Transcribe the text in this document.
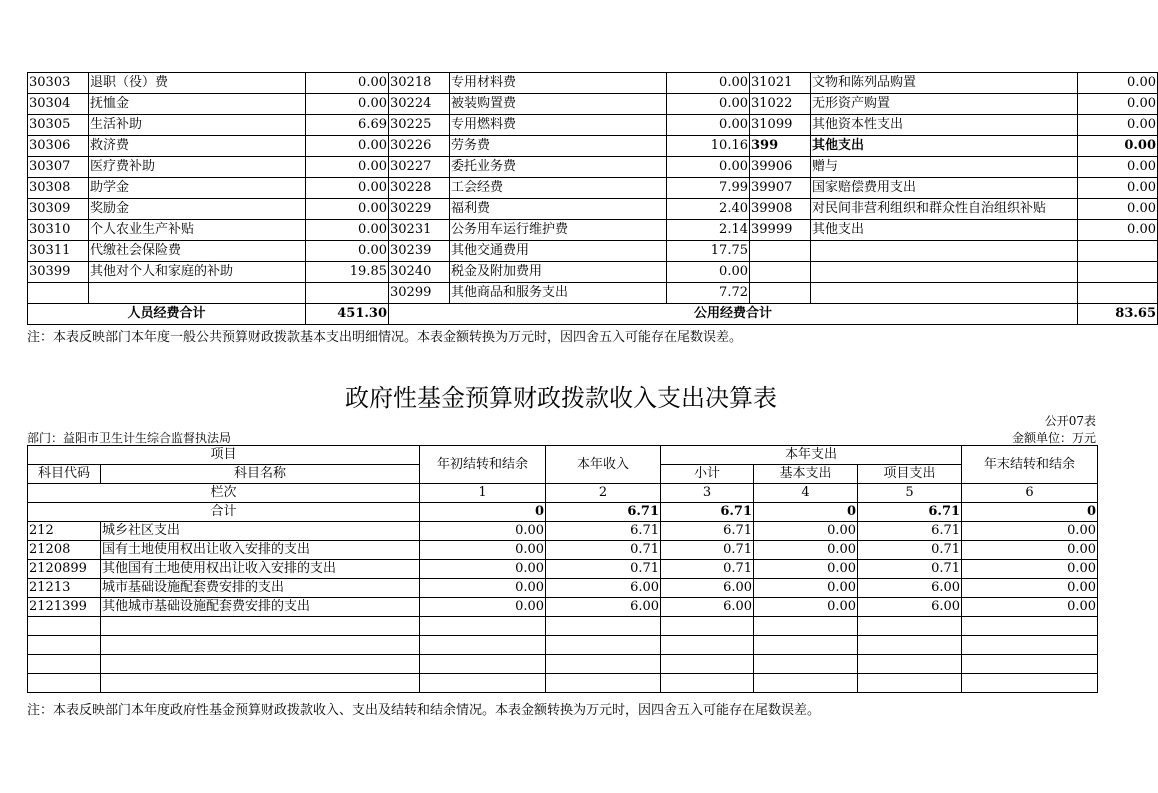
30303	退职（役）费	0.00	30218	专用材料费	0.00	31021	文物和陈列品购置	0.00
30304	抚恤金	0.00	30224	被装购置费	0.00	31022	无形资产购置	0.00
30305	生活补助	6.69	30225	专用燃料费	0.00	31099	其他资本性支出	0.00
30306	救济费	0.00	30226	劳务费	10.16	399	其他支出	0.00
30307	医疗费补助	0.00	30227	委托业务费	0.00	39906	赠与	0.00
30308	助学金	0.00	30228	工会经费	7.99	39907	国家赔偿费用支出	0.00
30309	奖励金	0.00	30229	福利费	2.40	39908	对民间非营利组织和群众性自治组织补贴	0.00
30310	个人农业生产补贴	0.00	30231	公务用车运行维护费	2.14	39999	其他支出	0.00
30311	代缴社会保险费	0.00	30239	其他交通费用	17.75			
30399	其他对个人和家庭的补助	19.85	30240	税金及附加费用	0.00			
			30299	其他商品和服务支出	7.72			
人员经费合计		451.30	公用经费合计					83.65
注：本表反映部门本年度一般公共预算财政拨款基本支出明细情况。本表金额转换为万元时，因四舍五入可能存在尾数误差。
政府性基金预算财政拨款收入支出决算表
公开07表
部门：益阳市卫生计生综合监督执法局	金额单位：万元
项目		年初结转和结余	本年收入	本年支出			年末结转和结余
科目代码	科目名称			小计	基本支出	项目支出	
栏次		1	2	3	4	5	6
合计		0	6.71	6.71	0	6.71	0
212	城乡社区支出	0.00	6.71	6.71	0.00	6.71	0.00
21208	国有土地使用权出让收入安排的支出	0.00	0.71	0.71	0.00	0.71	0.00
2120899	其他国有土地使用权出让收入安排的支出	0.00	0.71	0.71	0.00	0.71	0.00
21213	城市基础设施配套费安排的支出	0.00	6.00	6.00	0.00	6.00	0.00
2121399	其他城市基础设施配套费安排的支出	0.00	6.00	6.00	0.00	6.00	0.00

注：本表反映部门本年度政府性基金预算财政拨款收入、支出及结转和结余情况。本表金额转换为万元时，因四舍五入可能存在尾数误差。
